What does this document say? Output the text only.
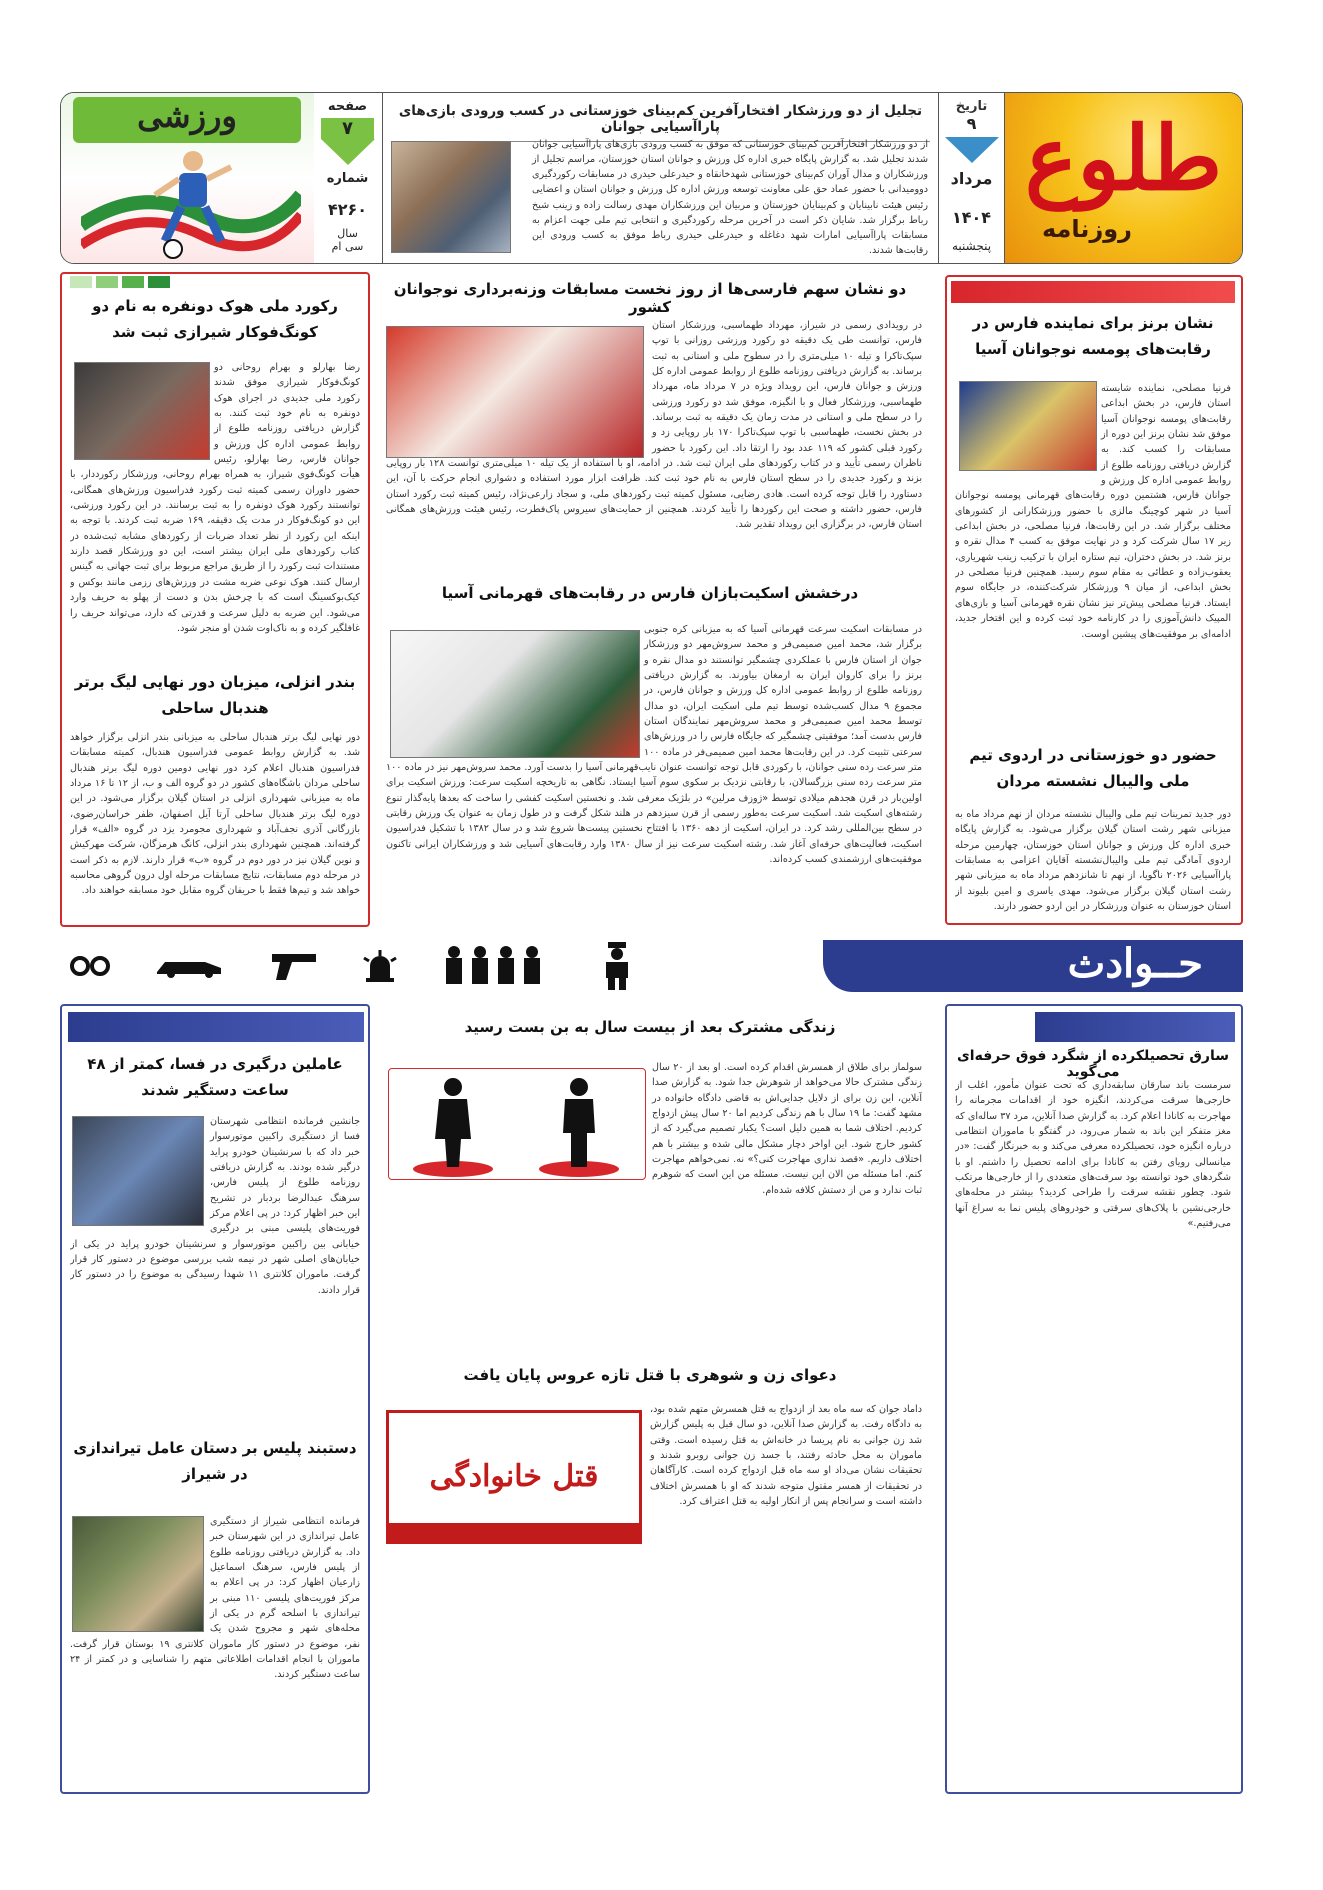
طلوع
روزنامه
تاریخ
۹
مرداد
۱۴۰۴
پنجشنبه
تجلیل از دو ورزشکار افتخار‌آفرین کم‌بینای خوزستانی در کسب ورودی بازی‌های پاراآسیایی جوانان
از دو ورزشکار افتخارآفرین کم‌بینای خوزستانی که موفق به کسب ورودی بازی‌های پاراآسیایی جوانان شدند تجلیل شد. به گزارش پایگاه خبری اداره کل ورزش و جوانان استان خوزستان، مراسم تجلیل از ورزشکاران و مدال آوران کم‌بینای خوزستانی شهدخانقاه و حیدرعلی حیدری در مسابقات رکوردگیری دوومیدانی با حضور عماد حق علی معاونت توسعه ورزش اداره کل ورزش و جوانان استان و اعضایی رئیس هیئت نابینایان و کم‌بینایان خوزستان و مربیان این ورزشکاران مهدی رسالت زاده و زینب شیخ رباط برگزار شد. شایان ذکر است در آخرین مرحله رکوردگیری و انتخابی تیم ملی جهت اعزام به مسابقات پاراآسیایی امارات شهد دغاغله و حیدرعلی حیدری رباط موفق به کسب ورودی این رقابت‌ها شدند.
صفحه
۷
شماره
۴۲۶۰
سال
سی ام
ورزشی
نشان برنز برای نماینده فارس در رقابت‌های پومسه نوجوانان آسیا
فرنیا مصلحی، نماینده شایسته استان فارس، در بخش ابداعی رقابت‌های پومسه نوجوانان آسیا موفق شد نشان برنز این دوره از مسابقات را کسب کند. به گزارش دریافتی روزنامه طلوع از روابط عمومی اداره کل ورزش و جوانان فارس، هشتمین دوره رقابت‌های قهرمانی پومسه نوجوانان آسیا در شهر کوچینگ مالزی با حضور ورزشکارانی از کشورهای مختلف برگزار شد. در این رقابت‌ها، فرنیا مصلحی، در بخش ابداعی زیر ۱۷ سال شرکت کرد و در نهایت موفق به کسب ۴ مدال نقره و برنز شد. در بخش دختران، تیم ستاره ایران با ترکیب زینب شهریاری، یعقوب‌زاده و عطائی به مقام سوم رسید. همچنین فرنیا مصلحی در بخش ابداعی، از میان ۹ ورزشکار شرکت‌کننده، در جایگاه سوم ایستاد. فرنیا مصلحی پیش‌تر نیز نشان نقره قهرمانی آسیا و بازی‌های المپیک دانش‌آموزی را در کارنامه خود ثبت کرده و این افتخار جدید، ادامه‌ای بر موفقیت‌های پیشین اوست.
حضور دو خوزستانی در اردوی تیم ملی والیبال نشسته مردان
دور جدید تمرینات تیم ملی والیبال نشسته مردان از نهم مرداد ماه به میزبانی شهر رشت استان گیلان برگزار می‌شود. به گزارش پایگاه خبری اداره کل ورزش و جوانان استان خوزستان، چهارمین مرحله اردوی آمادگی تیم ملی والیبال‌نشسته آقایان اعزامی به مسابقات پاراآسیایی ۲۰۲۶ ناگویا، از نهم تا شانزدهم مرداد ماه به میزبانی شهر رشت استان گیلان برگزار می‌شود. مهدی یاسری و امین بلیوند از استان خوزستان به عنوان ورزشکار در این اردو حضور دارند.
دو نشان سهم فارسی‌ها از روز نخست مسابقات وزنه‌برداری نوجوانان کشور
در رویدادی رسمی در شیراز، مهرداد طهماسبی، ورزشکار استان فارس، توانست طی یک دقیقه دو رکورد ورزشی روزانی با توپ سپک‌تاکرا و تیله ۱۰ میلی‌متری را در سطوح ملی و استانی به ثبت برساند. به گزارش دریافتی روزنامه طلوع از روابط عمومی اداره کل ورزش و جوانان فارس، این رویداد ویژه در ۷ مرداد ماه، مهرداد طهماسبی، ورزشکار فعال و با انگیزه، موفق شد دو رکورد ورزشی را در سطح ملی و استانی در مدت زمان یک دقیقه به ثبت برساند. در بخش نخست، طهماسبی با توپ سپک‌تاکرا ۱۷۰ بار روپایی زد و رکورد قبلی کشور که ۱۱۹ عدد بود را ارتقا داد. این رکورد با حضور ناظران رسمی تأیید و در کتاب رکوردهای ملی ایران ثبت شد. در ادامه، او با استفاده از یک تیله ۱۰ میلی‌متری توانست ۱۲۸ بار روپایی بزند و رکورد جدیدی را در سطح استان فارس به نام خود ثبت کند. ظرافت ابزار مورد استفاده و دشواری انجام حرکت با آن، این دستاورد را قابل توجه کرده است. هادی رضایی، مسئول کمیته ثبت رکوردهای ملی، و سجاد زارعی‌نژاد، رئیس کمیته ثبت رکورد استان فارس، حضور داشته و صحت این رکوردها را تأیید کردند. همچنین از حمایت‌های سیروس پاک‌فطرت، رئیس هیئت ورزش‌های همگانی استان فارس، در برگزاری این رویداد تقدیر شد.
درخشش اسکیت‌بازان فارس در رقابت‌های قهرمانی آسیا
در مسابقات اسکیت سرعت قهرمانی آسیا که به میزبانی کره جنوبی برگزار شد، محمد امین صمیمی‌فر و محمد سروش‌مهر دو ورزشکار جوان از استان فارس با عملکردی چشمگیر توانستند دو مدال نقره و برنز را برای کاروان ایران به ارمغان بیاورند. به گزارش دریافتی روزنامه طلوع از روابط عمومی اداره کل ورزش و جوانان فارس، در مجموع ۹ مدال کسب‌شده توسط تیم ملی اسکیت ایران، دو مدال توسط محمد امین صمیمی‌فر و محمد سروش‌مهر نمایندگان استان فارس بدست آمد؛ موفقیتی چشمگیر که جایگاه فارس را در ورزش‌های سرعتی تثبیت کرد. در این رقابت‌ها محمد امین صمیمی‌فر در ماده ۱۰۰ متر سرعت رده سنی جوانان، با رکوردی قابل توجه توانست عنوان نایب‌قهرمانی آسیا را بدست آورد. محمد سروش‌مهر نیز در ماده ۱۰۰ متر سرعت رده سنی بزرگسالان، با رقابتی نزدیک بر سکوی سوم آسیا ایستاد. نگاهی به تاریخچه اسکیت سرعت: ورزش اسکیت برای اولین‌بار در قرن هجدهم میلادی توسط «ژوزف مرلین» در بلژیک معرفی شد. و نخستین اسکیت کفشی را ساخت که بعدها پایه‌گذار تنوع رشته‌های اسکیت شد. اسکیت سرعت به‌طور رسمی از قرن سیزدهم در هلند شکل گرفت و در طول زمان به عنوان یک ورزش رقابتی در سطح بین‌المللی رشد کرد. در ایران، اسکیت از دهه ۱۳۶۰ با افتتاح نخستین پیست‌ها شروع شد و در سال ۱۳۸۲ با تشکیل فدراسیون اسکیت، فعالیت‌های حرفه‌ای آغاز شد. رشته اسکیت سرعت نیز از سال ۱۳۸۰ وارد رقابت‌های آسیایی شد و ورزشکاران ایرانی تاکنون موفقیت‌های ارزشمندی کسب کرده‌اند.
رکورد ملی هوک دونفره به نام دو کونگ‌فوکار شیرازی ثبت شد
رضا بهارلو و بهرام روحانی دو کونگ‌فوکار شیرازی موفق شدند رکورد ملی جدیدی در اجرای هوک دونفره به نام خود ثبت کنند. به گزارش دریافتی روزنامه طلوع از روابط عمومی اداره کل ورزش و جوانان فارس، رضا بهارلو، رئیس هیأت کونگ‌فوی شیراز، به همراه بهرام روحانی، ورزشکار رکورددار، با حضور داوران رسمی کمیته ثبت رکورد فدراسیون ورزش‌های همگانی، توانستند رکورد هوک دونفره را به ثبت برسانند. در این رکورد ورزشی، این دو کونگ‌فوکار در مدت یک دقیقه، ۱۶۹ ضربه ثبت کردند. با توجه به اینکه این رکورد از نظر تعداد ضربات از رکوردهای مشابه ثبت‌شده در کتاب رکوردهای ملی ایران بیشتر است، این دو ورزشکار قصد دارند مستندات ثبت رکورد را از طریق مراجع مربوط برای ثبت جهانی به گینس ارسال کنند. هوک نوعی ضربه مشت در ورزش‌های رزمی مانند بوکس و کیک‌بوکسینگ است که با چرخش بدن و دست از پهلو به حریف وارد می‌شود. این ضربه به دلیل سرعت و قدرتی که دارد، می‌تواند حریف را غافلگیر کرده و به ناک‌اوت شدن او منجر شود.
بندر انزلی، میزبان دور نهایی لیگ برتر هندبال ساحلی
دور نهایی لیگ برتر هندبال ساحلی به میزبانی بندر انزلی برگزار خواهد شد. به گزارش روابط عمومی فدراسیون هندبال، کمیته مسابقات فدراسیون هندبال اعلام کرد دور نهایی دومین دوره لیگ برتر هندبال ساحلی مردان باشگاه‌های کشور در دو گروه الف و ب، از ۱۲ تا ۱۶ مرداد ماه به میزبانی شهرداری انزلی در استان گیلان برگزار می‌شود. در این دوره لیگ برتر هندبال ساحلی آرتا آیل اصفهان، ظفر خراسان‌رضوی، بازرگانی آذری نجف‌آباد و شهرداری مجومرد یزد در گروه «الف» قرار گرفته‌اند. همچنین شهرداری بندر انزلی، کانگ هرمزگان، شرکت مهرکیش و نوین گیلان نیز در دور دوم در گروه «ب» قرار دارند. لازم به ذکر است در مرحله دوم مسابقات، نتایج مسابقات مرحله اول درون گروهی محاسبه خواهد شد و تیم‌ها فقط با حریفان گروه مقابل خود مسابقه خواهند داد.
حــوادث
سارق تحصیلکرده از شگرد فوق حرفه‌ای می‌گوید
سرمست باند سارقان سابقه‌داری که تحت عنوان مأمور، اغلب از خارجی‌ها سرقت می‌کردند، انگیزه خود از اقدامات مجرمانه را مهاجرت به کانادا اعلام کرد. به گزارش صدا آنلاین، مرد ۳۷ ساله‌ای که مغز متفکر این باند به شمار می‌رود، در گفتگو با ماموران انتظامی درباره انگیزه خود، تحصیلکرده معرفی می‌کند و به خبرنگار گفت: «در میانسالی رویای رفتن به کانادا برای ادامه تحصیل را داشتم. او با شگردهای خود توانسته بود سرقت‌های متعددی را از خارجی‌ها مرتکب شود. چطور نقشه سرقت را طراحی کردید؟ بیشتر در محله‌های خارجی‌نشین با پلاک‌های سرقتی و خودروهای پلیس نما به سراغ آنها می‌رفتیم.»
زندگی مشترک بعد از بیست سال به بن بست رسید
سولماز برای طلاق از همسرش اقدام کرده است. او بعد از ۲۰ سال زندگی مشترک حالا می‌خواهد از شوهرش جدا شود. به گزارش صدا آنلاین، این زن برای از دلایل جدایی‌اش به قاضی دادگاه خانواده در مشهد گفت: ما ۱۹ سال با هم زندگی کردیم اما ۲۰ سال پیش ازدواج کردیم. اختلاف شما به همین دلیل است؟ یکبار تصمیم می‌گیرد که از کشور خارج شود. این اواخر دچار مشکل مالی شده و بیشتر با هم اختلاف داریم. «قصد نداری مهاجرت کنی؟» نه. نمی‌خواهم مهاجرت کنم. اما مسئله من الان این نیست. مسئله من این است که شوهرم ثبات ندارد و من از دستش کلافه شده‌ام.
دعوای زن و شوهری با قتل تازه عروس پایان یافت
قتل خانوادگی
داماد جوان که سه ماه بعد از ازدواج به قتل همسرش متهم شده بود، به دادگاه رفت. به گزارش صدا آنلاین، دو سال قبل به پلیس گزارش شد زن جوانی به نام پریسا در خانه‌اش به قتل رسیده است. وقتی ماموران به محل حادثه رفتند، با جسد زن جوانی روبرو شدند و تحقیقات نشان می‌داد او سه ماه قبل ازدواج کرده است. کارآگاهان در تحقیقات از همسر مقتول متوجه شدند که او با همسرش اختلاف داشته است و سرانجام پس از انکار اولیه به قتل اعتراف کرد.
عاملین درگیری در فسا، کمتر از ۴۸ ساعت دستگیر شدند
جانشین فرمانده انتظامی شهرستان فسا از دستگیری راکبین موتورسوار خبر داد که با سرنشینان خودرو پراید درگیر شده بودند. به گزارش دریافتی روزنامه طلوع از پلیس فارس، سرهنگ عبدالرضا بردبار در تشریح این خبر اظهار کرد: در پی اعلام مرکز فوریت‌های پلیسی مبنی بر درگیری خیابانی بین راکبین موتورسوار و سرنشینان خودرو پراید در یکی از خیابان‌های اصلی شهر در نیمه شب بررسی موضوع در دستور کار قرار گرفت. ماموران کلانتری ۱۱ شهدا رسیدگی به موضوع را در دستور کار قرار دادند.
دستبند پلیس بر دستان عامل تیراندازی در شیراز
فرمانده انتظامی شیراز از دستگیری عامل تیراندازی در این شهرستان خبر داد. به گزارش دریافتی روزنامه طلوع از پلیس فارس، سرهنگ اسماعیل زارعیان اظهار کرد: در پی اعلام به مرکز فوریت‌های پلیسی ۱۱۰ مبنی بر تیراندازی با اسلحه گرم در یکی از محله‌های شهر و مجروح شدن یک نفر، موضوع در دستور کار ماموران کلانتری ۱۹ بوستان قرار گرفت. ماموران با انجام اقدامات اطلاعاتی متهم را شناسایی و در کمتر از ۲۴ ساعت دستگیر کردند.
